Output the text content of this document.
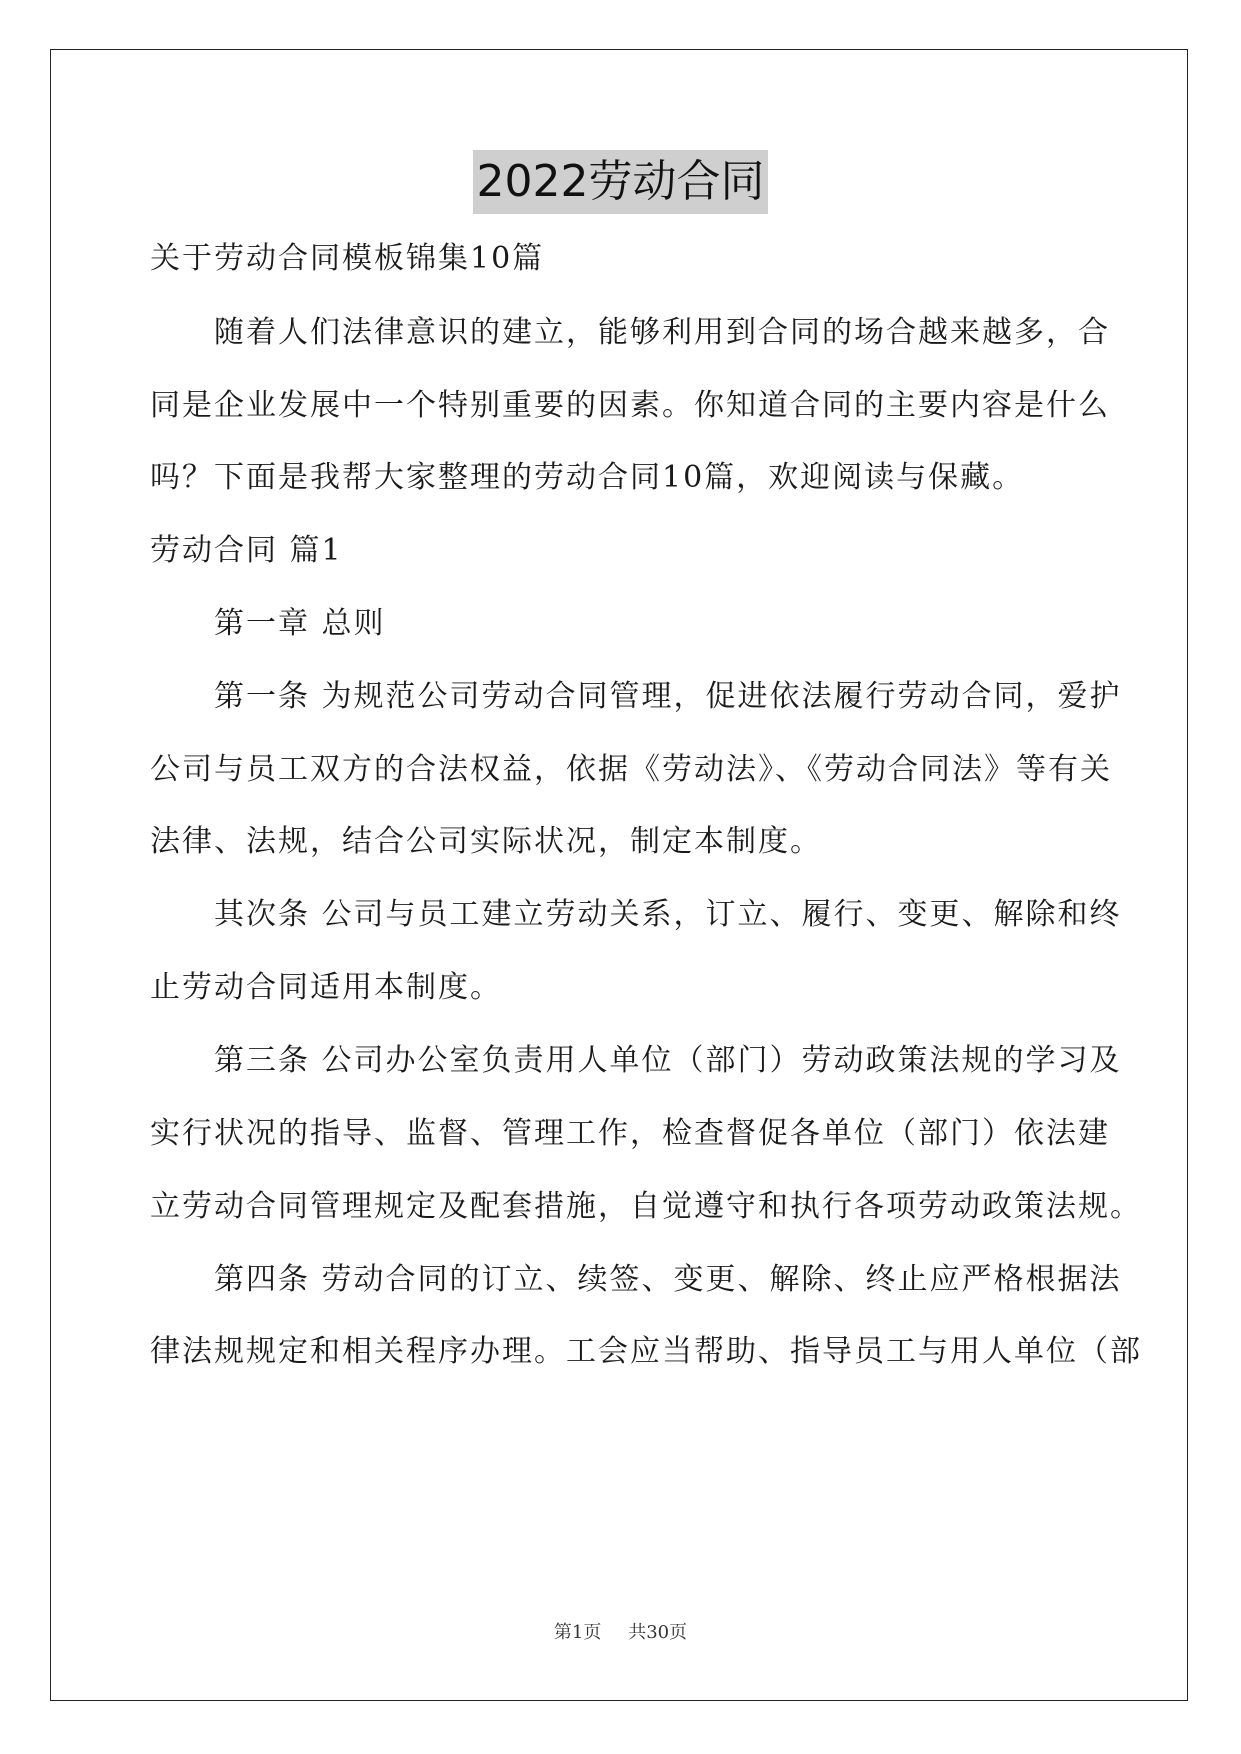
2022劳动合同
关于劳动合同模板锦集10篇
随着人们法律意识的建立，能够利用到合同的场合越来越多，合
同是企业发展中一个特别重要的因素。你知道合同的主要内容是什么
吗？下面是我帮大家整理的劳动合同10篇，欢迎阅读与保藏。
劳动合同 篇1
第一章 总则
第一条 为规范公司劳动合同管理，促进依法履行劳动合同，爱护
公司与员工双方的合法权益，依据《劳动法》、《劳动合同法》等有关
法律、法规，结合公司实际状况，制定本制度。
其次条 公司与员工建立劳动关系，订立、履行、变更、解除和终
止劳动合同适用本制度。
第三条 公司办公室负责用人单位（部门）劳动政策法规的学习及
实行状况的指导、监督、管理工作，检查督促各单位（部门）依法建
立劳动合同管理规定及配套措施，自觉遵守和执行各项劳动政策法规。
第四条 劳动合同的订立、续签、变更、解除、终止应严格根据法
律法规规定和相关程序办理。工会应当帮助、指导员工与用人单位（部
第1页 共30页
